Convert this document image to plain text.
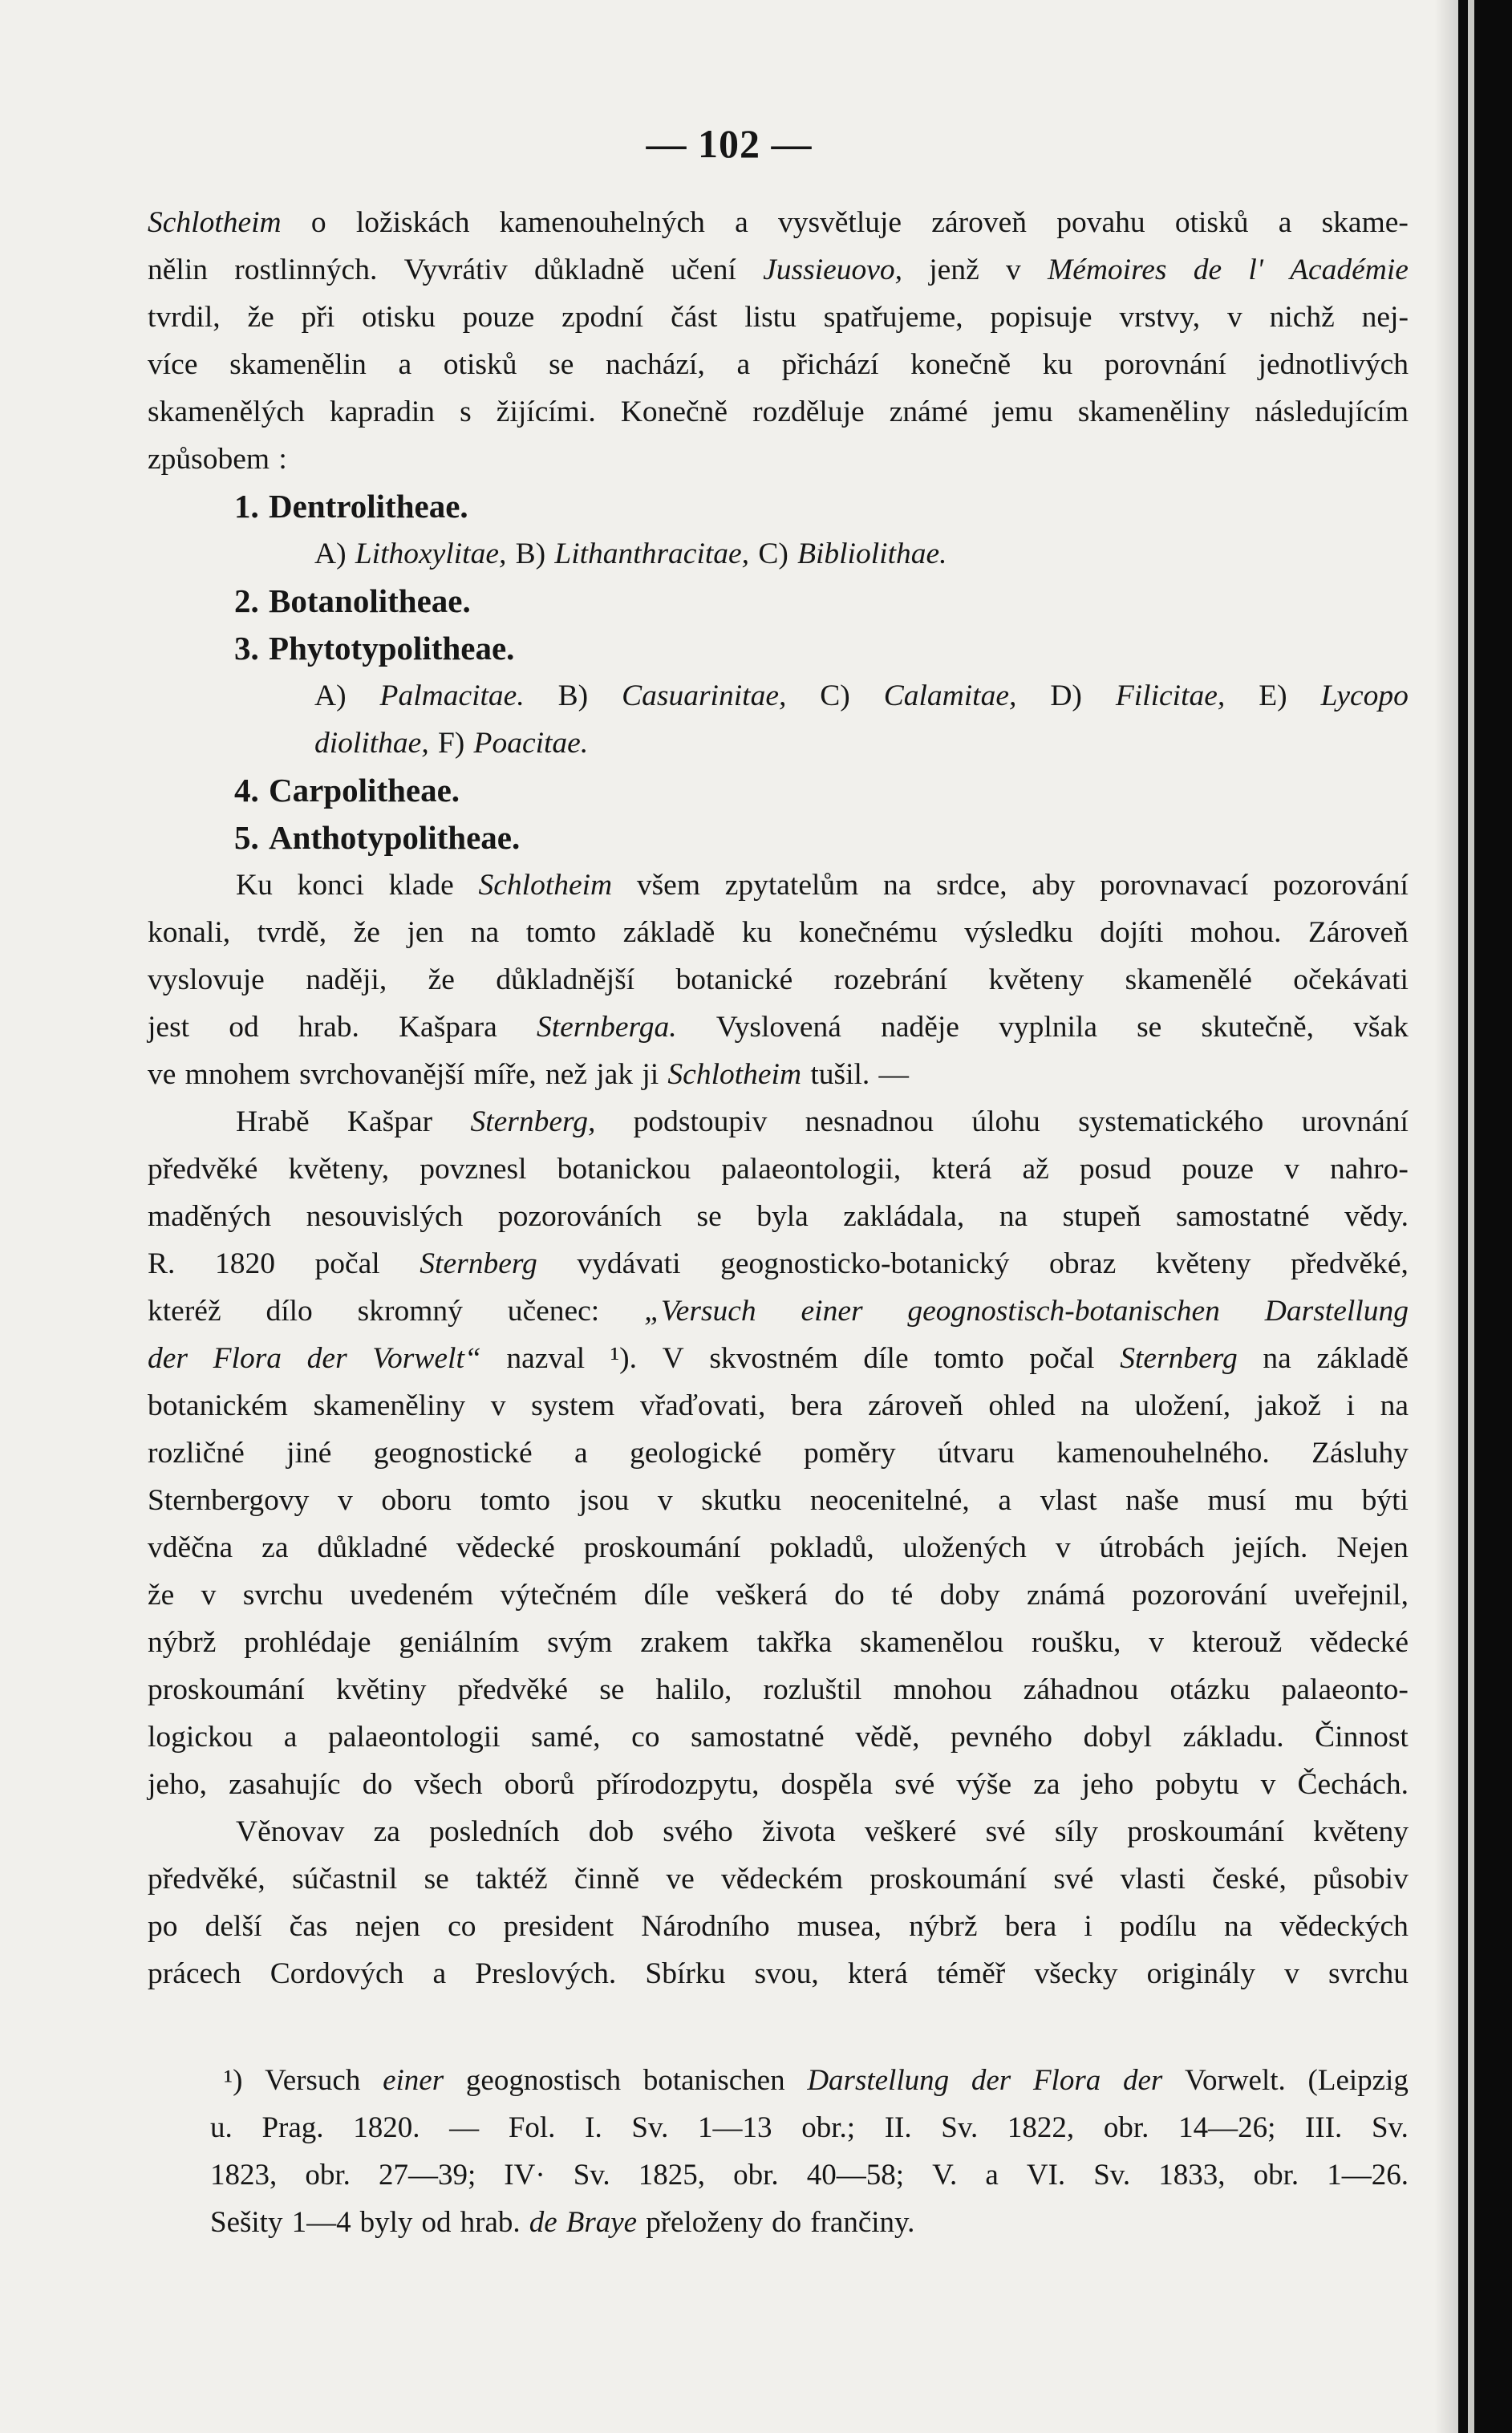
— 102 —
Schlotheim o ložiskách kamenouhelných a vysvětluje zároveň povahu otisků a skame-
nělin rostlinných. Vyvrátiv důkladně učení Jussieuovo, jenž v Mémoires de l' Académie
tvrdil, že při otisku pouze zpodní část listu spatřujeme, popisuje vrstvy, v nichž nej-
více skamenělin a otisků se nachází, a přichází konečně ku porovnání jednotlivých
skamenělých kapradin s žijícími. Konečně rozděluje známé jemu skameněliny následujícím
způsobem :
1. Dentrolitheae.
A) Lithoxylitae, B) Lithanthracitae, C) Bibliolithae.
2. Botanolitheae.
3. Phytotypolitheae.
A) Palmacitae. B) Casuarinitae, C) Calamitae, D) Filicitae, E) Lycopo
diolithae, F) Poacitae.
4. Carpolitheae.
5. Anthotypolitheae.
Ku konci klade Schlotheim všem zpytatelům na srdce, aby porovnavací pozorování
konali, tvrdě, že jen na tomto základě ku konečnému výsledku dojíti mohou. Zároveň
vyslovuje naději, že důkladnější botanické rozebrání květeny skamenělé očekávati
jest od hrab. Kašpara Sternberga. Vyslovená naděje vyplnila se skutečně, však
ve mnohem svrchovanější míře, než jak ji Schlotheim tušil. —
Hrabě Kašpar Sternberg, podstoupiv nesnadnou úlohu systematického urovnání
předvěké květeny, povznesl botanickou palaeontologii, která až posud pouze v nahro-
maděných nesouvislých pozorováních se byla zakládala, na stupeň samostatné vědy.
R. 1820 počal Sternberg vydávati geognosticko-botanický obraz květeny předvěké,
kteréž dílo skromný učenec: „Versuch einer geognostisch-botanischen Darstellung
der Flora der Vorwelt“ nazval ¹). V skvostném díle tomto počal Sternberg na základě
botanickém skameněliny v system vřaďovati, bera zároveň ohled na uložení, jakož i na
rozličné jiné geognostické a geologické poměry útvaru kamenouhelného. Zásluhy
Sternbergovy v oboru tomto jsou v skutku neocenitelné, a vlast naše musí mu býti
vděčna za důkladné vědecké proskoumání pokladů, uložených v útrobách jejích. Nejen
že v svrchu uvedeném výtečném díle veškerá do té doby známá pozorování uveřejnil,
nýbrž prohlédaje geniálním svým zrakem takřka skamenělou roušku, v kterouž vědecké
proskoumání květiny předvěké se halilo, rozluštil mnohou záhadnou otázku palaeonto-
logickou a palaeontologii samé, co samostatné vědě, pevného dobyl základu. Činnost
jeho, zasahujíc do všech oborů přírodozpytu, dospěla své výše za jeho pobytu v Čechách.
Věnovav za posledních dob svého života veškeré své síly proskoumání květeny
předvěké, súčastnil se taktéž činně ve vědeckém proskoumání své vlasti české, působiv
po delší čas nejen co president Národního musea, nýbrž bera i podílu na vědeckých
prácech Cordových a Preslových. Sbírku svou, která téměř všecky originály v svrchu
¹) Versuch einer geognostisch botanischen Darstellung der Flora der Vorwelt. (Leipzig
u. Prag. 1820. — Fol. I. Sv. 1—13 obr.; II. Sv. 1822, obr. 14—26; III. Sv.
1823, obr. 27—39; IV· Sv. 1825, obr. 40—58; V. a VI. Sv. 1833, obr. 1—26.
Sešity 1—4 byly od hrab. de Braye přeloženy do frančiny.
